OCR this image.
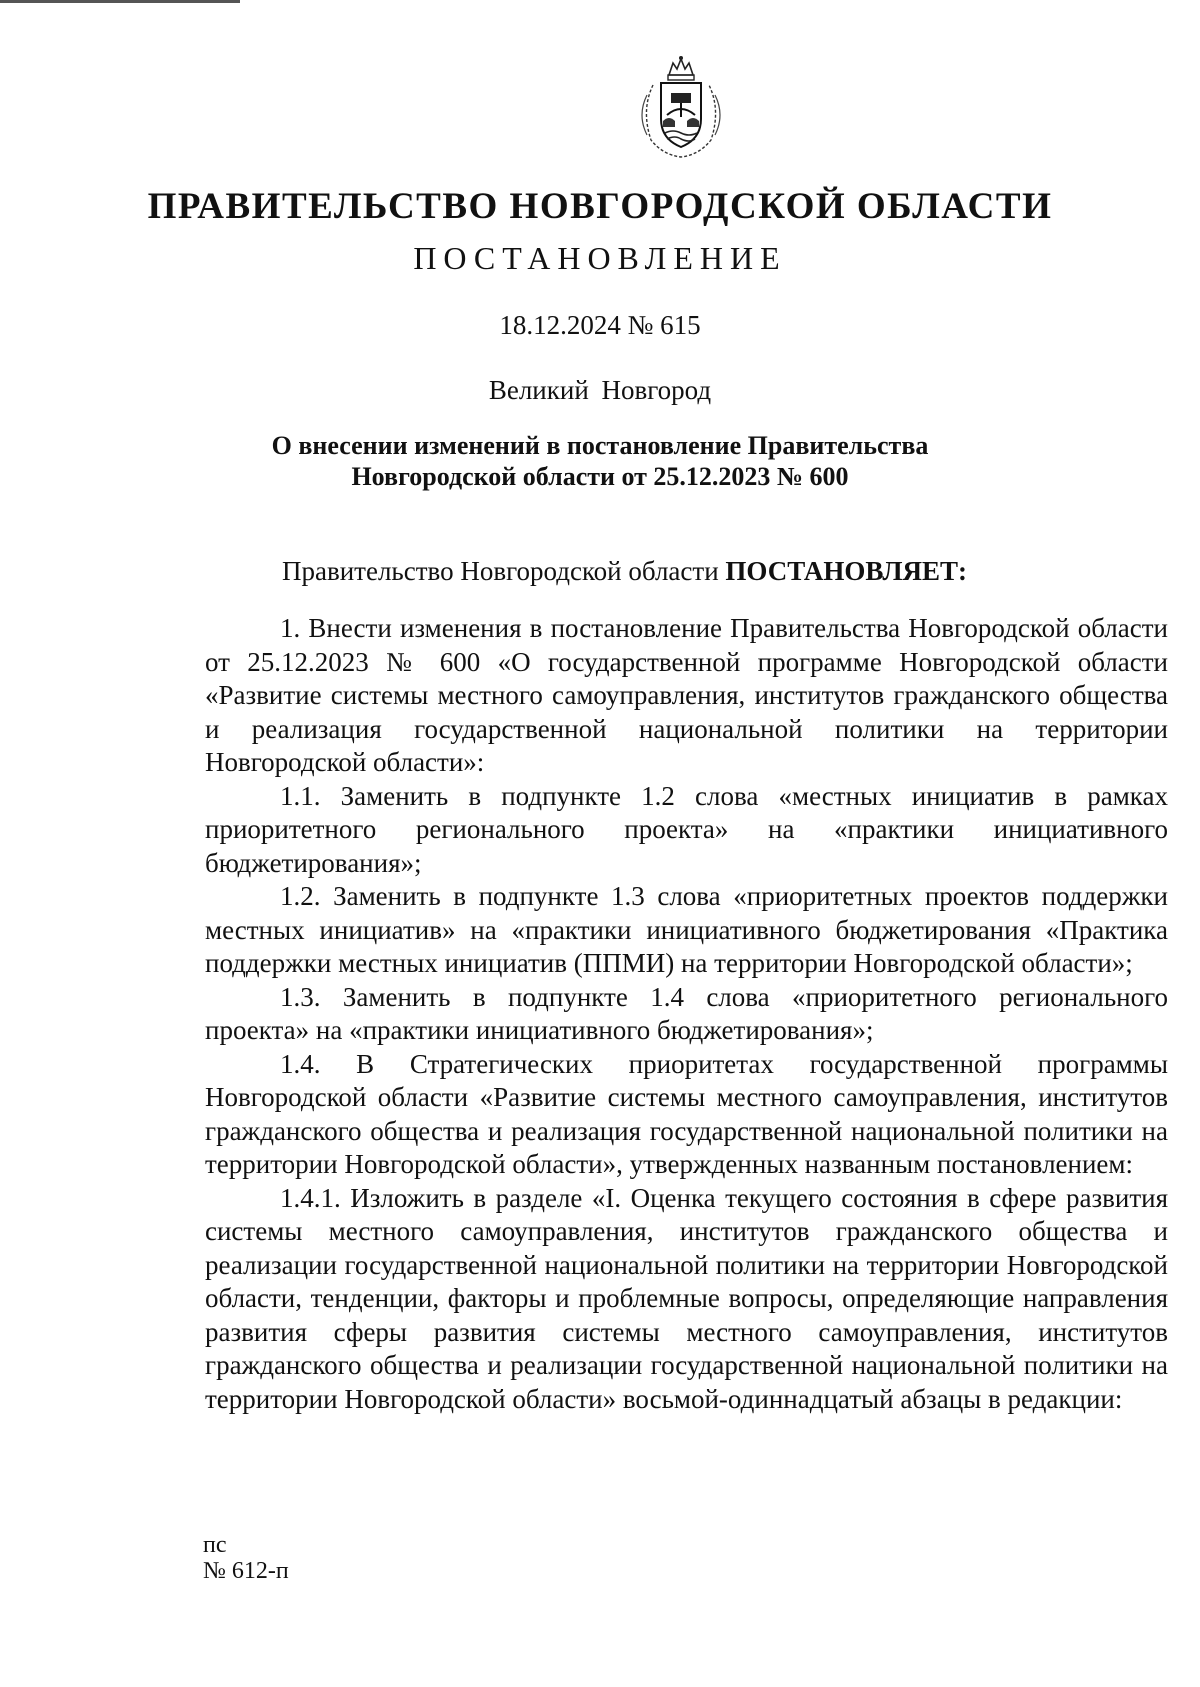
ПРАВИТЕЛЬСТВО НОВГОРОДСКОЙ ОБЛАСТИ
ПОСТАНОВЛЕНИЕ
18.12.2024 № 615
Великий Новгород
О внесении изменений в постановление Правительства
Новгородской области от 25.12.2023 № 600
Правительство Новгородской области ПОСТАНОВЛЯЕТ:

1. Внести изменения в постановление Правительства Новгородской области от 25.12.2023 № 600 «О государственной программе Новгородской области «Развитие системы местного самоуправления, институтов гражданского общества и реализация государственной национальной политики на территории Новгородской области»:

1.1. Заменить в подпункте 1.2 слова «местных инициатив в рамках приоритетного регионального проекта» на «практики инициативного бюджетирования»;

1.2. Заменить в подпункте 1.3 слова «приоритетных проектов поддержки местных инициатив» на «практики инициативного бюджетирования «Практика поддержки местных инициатив (ППМИ) на территории Новгородской области»;

1.3. Заменить в подпункте 1.4 слова «приоритетного регионального проекта» на «практики инициативного бюджетирования»;

1.4. В Стратегических приоритетах государственной программы Новгородской области «Развитие системы местного самоуправления, институтов гражданского общества и реализация государственной национальной политики на территории Новгородской области», утвержденных названным постановлением:

1.4.1. Изложить в разделе «I. Оценка текущего состояния в сфере развития системы местного самоуправления, институтов гражданского общества и реализации государственной национальной политики на территории Новгородской области, тенденции, факторы и проблемные вопросы, определяющие направления развития сферы развития системы местного самоуправления, институтов гражданского общества и реализации государственной национальной политики на территории Новгородской области» восьмой-одиннадцатый абзацы в редакции:

пс
№ 612-п
